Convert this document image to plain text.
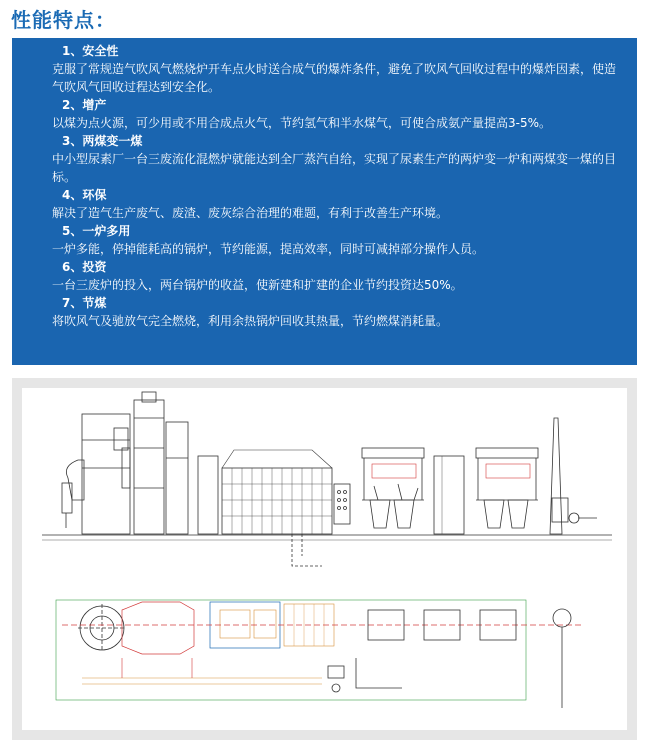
性能特点：
1、安全性
克服了常规造气吹风气燃烧炉开车点火时送合成气的爆炸条件，避免了吹风气回收过程中的爆炸因素，使造气吹风气回收过程达到安全化。
2、增产
以煤为点火源，可少用或不用合成点火气，节约氢气和半水煤气，可使合成氨产量提高3-5%。
3、两煤变一煤
中小型尿素厂一台三废流化混燃炉就能达到全厂蒸汽自给，实现了尿素生产的两炉变一炉和两煤变一煤的目标。
4、环保
解决了造气生产废气、废渣、废灰综合治理的难题，有利于改善生产环境。
5、一炉多用
一炉多能，停掉能耗高的锅炉，节约能源，提高效率，同时可减掉部分操作人员。
6、投资
一台三废炉的投入，两台锅炉的收益，使新建和扩建的企业节约投资达50%。
7、节煤
将吹风气及驰放气完全燃烧，利用余热锅炉回收其热量，节约燃煤消耗量。
